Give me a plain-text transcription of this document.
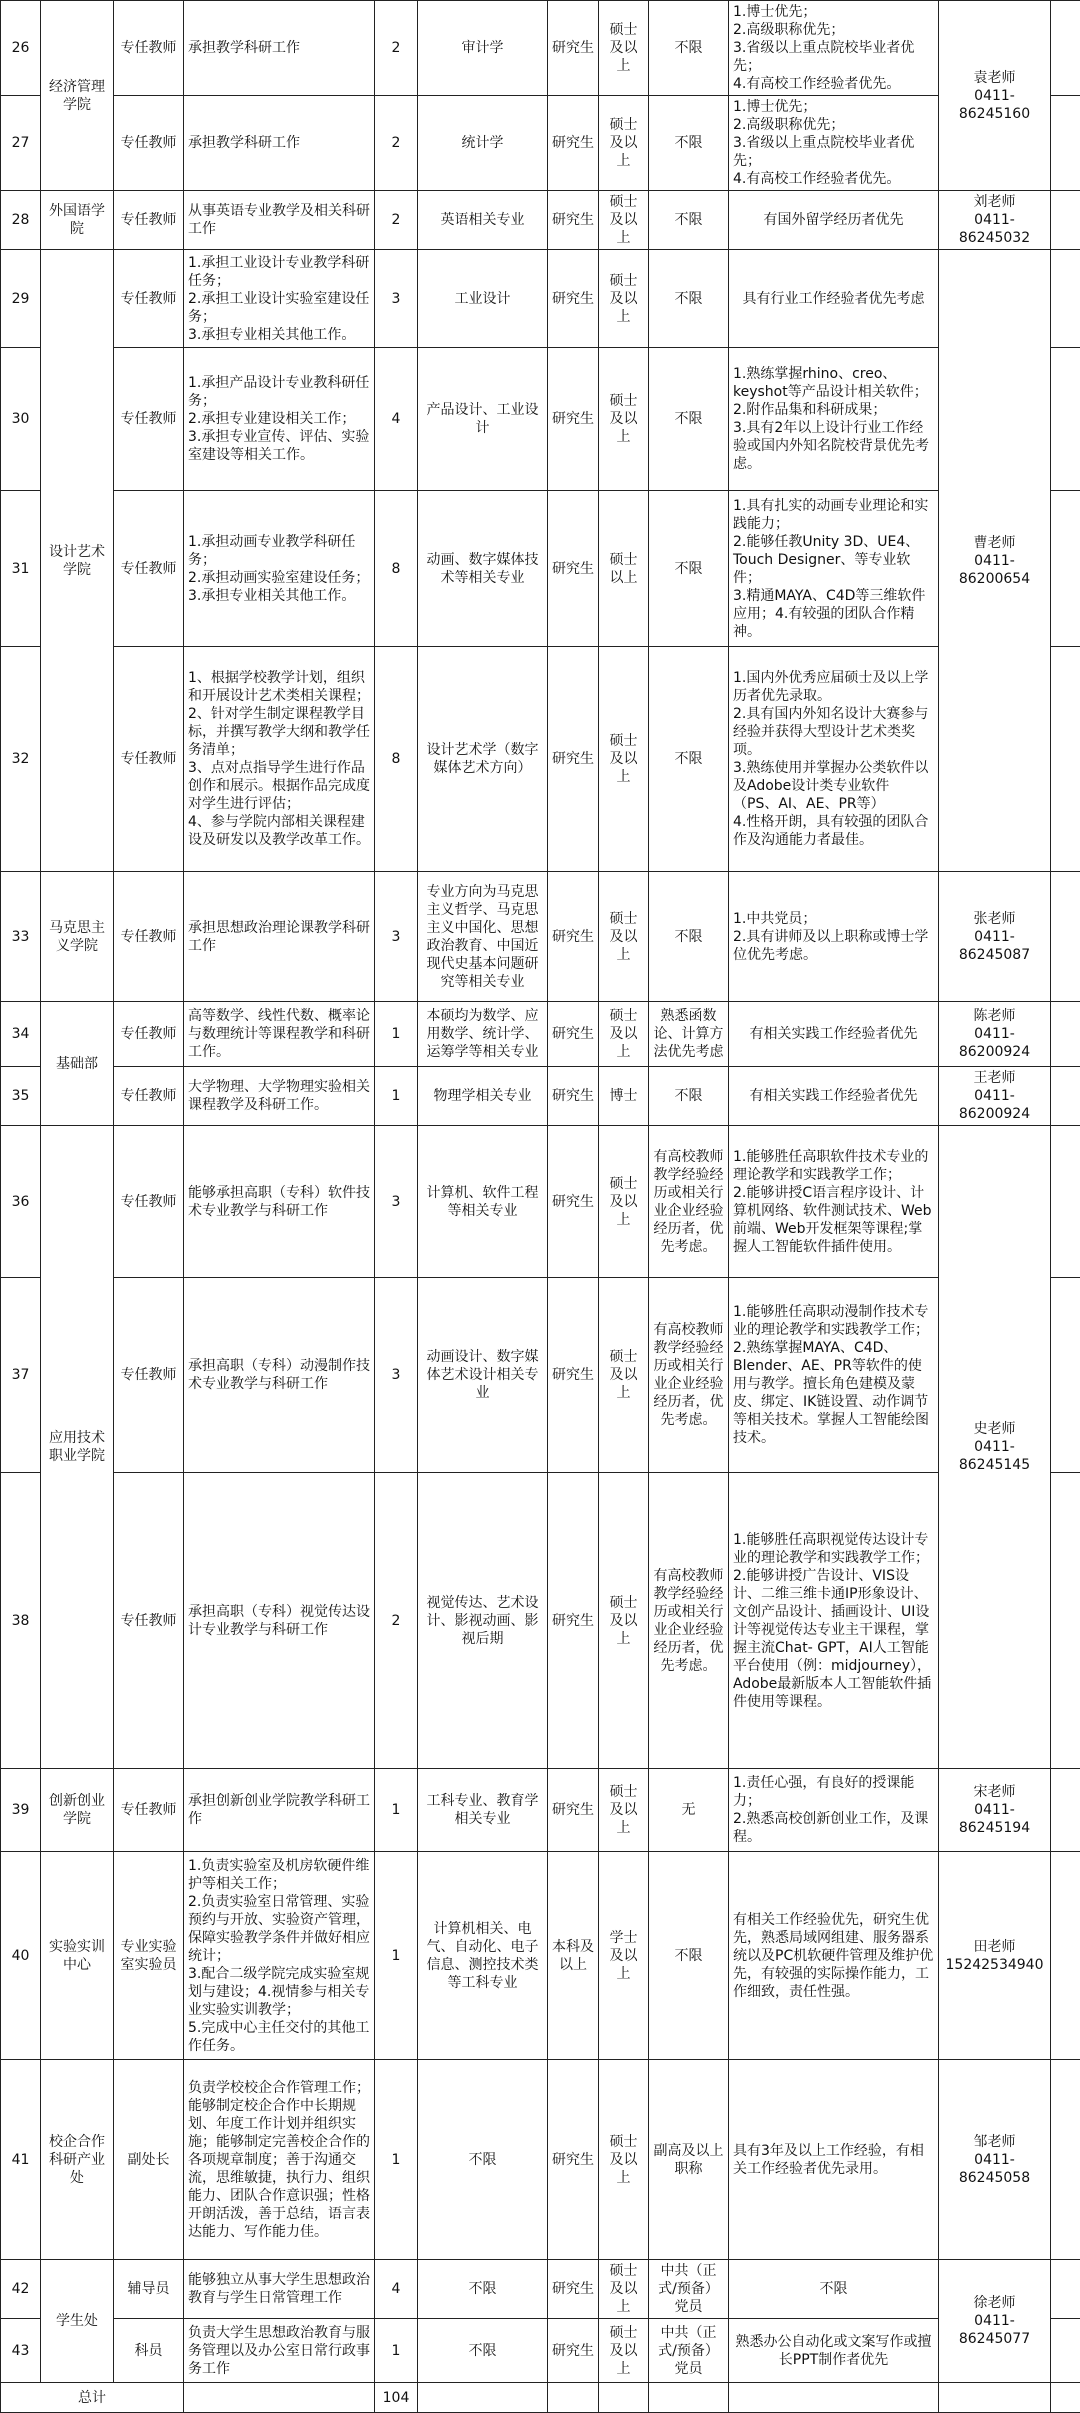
26	经济管理学院	专任教师	承担教学科研工作	2	审计学	研究生	硕士及以上	不限	1.博士优先；
2.高级职称优先；
3.省级以上重点院校毕业者优先；
4.有高校工作经验者优先。	袁老师
0411-86245160	
27		专任教师	承担教学科研工作	2	统计学	研究生	硕士及以上	不限	1.博士优先；
2.高级职称优先；
3.省级以上重点院校毕业者优先；
4.有高校工作经验者优先。		
28	外国语学院	专任教师	从事英语专业教学及相关科研工作	2	英语相关专业	研究生	硕士及以上	不限	有国外留学经历者优先	刘老师
0411-86245032	
29	设计艺术学院	专任教师	1.承担工业设计专业教学科研任务；
2.承担工业设计实验室建设任务；
3.承担专业相关其他工作。	3	工业设计	研究生	硕士及以上	不限	具有行业工作经验者优先考虑	曹老师
0411-86200654	
30		专任教师	1.承担产品设计专业教科研任务；
2.承担专业建设相关工作；
3.承担专业宣传、评估、实验室建设等相关工作。	4	产品设计、工业设计	研究生	硕士及以上	不限	1.熟练掌握rhino、creo、keyshot等产品设计相关软件；
2.附作品集和科研成果；
3.具有2年以上设计行业工作经验或国内外知名院校背景优先考虑。		
31		专任教师	1.承担动画专业教学科研任务；
2.承担动画实验室建设任务；
3.承担专业相关其他工作。	8	动画、数字媒体技术等相关专业	研究生	硕士以上	不限	1.具有扎实的动画专业理论和实践能力；
2.能够任教Unity 3D、UE4、Touch Designer、等专业软件；
3.精通MAYA、C4D等三维软件应用；4.有较强的团队合作精神。		
32		专任教师	1、根据学校教学计划，组织和开展设计艺术类相关课程；
2、针对学生制定课程教学目标，并撰写教学大纲和教学任务清单；
3、点对点指导学生进行作品创作和展示。根据作品完成度对学生进行评估；
4、参与学院内部相关课程建设及研发以及教学改革工作。	8	设计艺术学（数字媒体艺术方向）	研究生	硕士及以上	不限	1.国内外优秀应届硕士及以上学历者优先录取。
2.具有国内外知名设计大赛参与经验并获得大型设计艺术类奖项。
3.熟练使用并掌握办公类软件以及Adobe设计类专业软件（PS、AI、AE、PR等）
4.性格开朗，具有较强的团队合作及沟通能力者最佳。		
33	马克思主义学院	专任教师	承担思想政治理论课教学科研工作	3	专业方向为马克思主义哲学、马克思主义中国化、思想政治教育、中国近现代史基本问题研究等相关专业	研究生	硕士及以上	不限	1.中共党员；
2.具有讲师及以上职称或博士学位优先考虑。	张老师
0411-86245087	
34	基础部	专任教师	高等数学、线性代数、概率论与数理统计等课程教学和科研工作。	1	本硕均为数学、应用数学、统计学、运筹学等相关专业	研究生	硕士及以上	熟悉函数论、计算方法优先考虑	有相关实践工作经验者优先	陈老师
0411-86200924	
35		专任教师	大学物理、大学物理实验相关课程教学及科研工作。	1	物理学相关专业	研究生	博士	不限	有相关实践工作经验者优先	王老师
0411-86200924	
36	应用技术职业学院	专任教师	能够承担高职（专科）软件技术专业教学与科研工作	3	计算机、软件工程等相关专业	研究生	硕士及以上	有高校教师教学经验经历或相关行业企业经验经历者，优先考虑。	1.能够胜任高职软件技术专业的理论教学和实践教学工作；
2.能够讲授C语言程序设计、计算机网络、软件测试技术、Web前端、Web开发框架等课程;掌握人工智能软件插件使用。	史老师
0411-86245145	
37		专任教师	承担高职（专科）动漫制作技术专业教学与科研工作	3	动画设计、数字媒体艺术设计相关专业	研究生	硕士及以上	有高校教师教学经验经历或相关行业企业经验经历者，优先考虑。	1.能够胜任高职动漫制作技术专业的理论教学和实践教学工作；
2.熟练掌握MAYA、C4D、Blender、AE、PR等软件的使用与教学。擅长角色建模及蒙皮、绑定、IK链设置、动作调节等相关技术。掌握人工智能绘图技术。		
38		专任教师	承担高职（专科）视觉传达设计专业教学与科研工作	2	视觉传达、艺术设计、影视动画、影视后期	研究生	硕士及以上	有高校教师教学经验经历或相关行业企业经验经历者，优先考虑。	1.能够胜任高职视觉传达设计专业的理论教学和实践教学工作；
2.能够讲授广告设计、VIS设计、二维三维卡通IP形象设计、文创产品设计、插画设计、UI设计等视觉传达专业主干课程，掌握主流Chat- GPT，AI人工智能平台使用（例：midjourney），Adobe最新版本人工智能软件插件使用等课程。		
39	创新创业学院	专任教师	承担创新创业学院教学科研工作	1	工科专业、教育学相关专业	研究生	硕士及以上	无	1.责任心强，有良好的授课能力；
2.熟悉高校创新创业工作，及课程。	宋老师
0411-86245194	
40	实验实训中心	专业实验室实验员	1.负责实验室及机房软硬件维护等相关工作；
2.负责实验室日常管理、实验预约与开放、实验资产管理，保障实验教学条件并做好相应统计；
3.配合二级学院完成实验室规划与建设；4.视情参与相关专业实验实训教学；
5.完成中心主任交付的其他工作任务。	1	计算机相关、电气、自动化、电子信息、测控技术类等工科专业	本科及以上	学士及以上	不限	有相关工作经验优先，研究生优先，熟悉局域网组建、服务器系统以及PC机软硬件管理及维护优先，有较强的实际操作能力，工作细致，责任性强。	田老师
15242534940	
41	校企合作科研产业处	副处长	负责学校校企合作管理工作；能够制定校企合作中长期规划、年度工作计划并组织实施；能够制定完善校企合作的各项规章制度；善于沟通交流，思维敏捷，执行力、组织能力、团队合作意识强；性格开朗活泼，善于总结，语言表达能力、写作能力佳。	1	不限	研究生	硕士及以上	副高及以上职称	具有3年及以上工作经验，有相关工作经验者优先录用。	邹老师
0411-86245058	
42	学生处	辅导员	能够独立从事大学生思想政治教育与学生日常管理工作	4	不限	研究生	硕士及以上	中共（正式/预备）党员	不限	徐老师
0411-86245077	
43		科员	负责大学生思想政治教育与服务管理以及办公室日常行政事务工作	1	不限	研究生	硕士及以上	中共（正式/预备）党员	熟悉办公自动化或文案写作或擅长PPT制作者优先		
总计				104							
